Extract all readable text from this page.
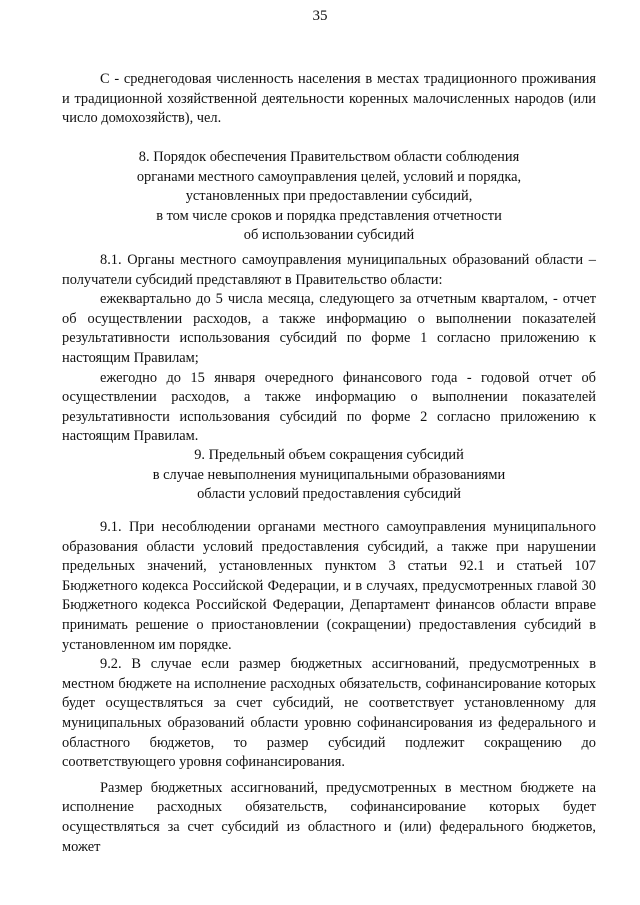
35

С - среднегодовая численность населения в местах традиционного проживания и традиционной хозяйственной деятельности коренных малочисленных народов (или число домохозяйств), чел.

8. Порядок обеспечения Правительством области соблюдения
органами местного самоуправления целей, условий и порядка,
установленных при предоставлении субсидий,
в том числе сроков и порядка представления отчетности
об использовании субсидий

8.1. Органы местного самоуправления муниципальных образований области – получатели субсидий представляют в Правительство области:

ежеквартально до 5 числа месяца, следующего за отчетным кварталом, - отчет об осуществлении расходов, а также информацию о выполнении показателей результативности использования субсидий по форме 1 согласно приложению к настоящим Правилам;

ежегодно до 15 января очередного финансового года - годовой отчет об осуществлении расходов, а также информацию о выполнении показателей результативности использования субсидий по форме 2 согласно приложению к настоящим Правилам.

9. Предельный объем сокращения субсидий
в случае невыполнения муниципальными образованиями
области условий предоставления субсидий

9.1. При несоблюдении органами местного самоуправления муниципального образования области условий предоставления субсидий, а также при нарушении предельных значений, установленных пунктом 3 статьи 92.1 и статьей 107 Бюджетного кодекса Российской Федерации, и в случаях, предусмотренных главой 30 Бюджетного кодекса Российской Федерации, Департамент финансов области вправе принимать решение о приостановлении (сокращении) предоставления субсидий в установленном им порядке.

9.2. В случае если размер бюджетных ассигнований, предусмотренных в местном бюджете на исполнение расходных обязательств, софинансирование которых будет осуществляться за счет субсидий, не соответствует установленному для муниципальных образований области уровню софинансирования из федерального и областного бюджетов, то размер субсидий подлежит сокращению до соответствующего уровня софинансирования.

Размер бюджетных ассигнований, предусмотренных в местном бюджете на исполнение расходных обязательств, софинансирование которых будет осуществляться за счет субсидий из областного и (или) федерального бюджетов, может
